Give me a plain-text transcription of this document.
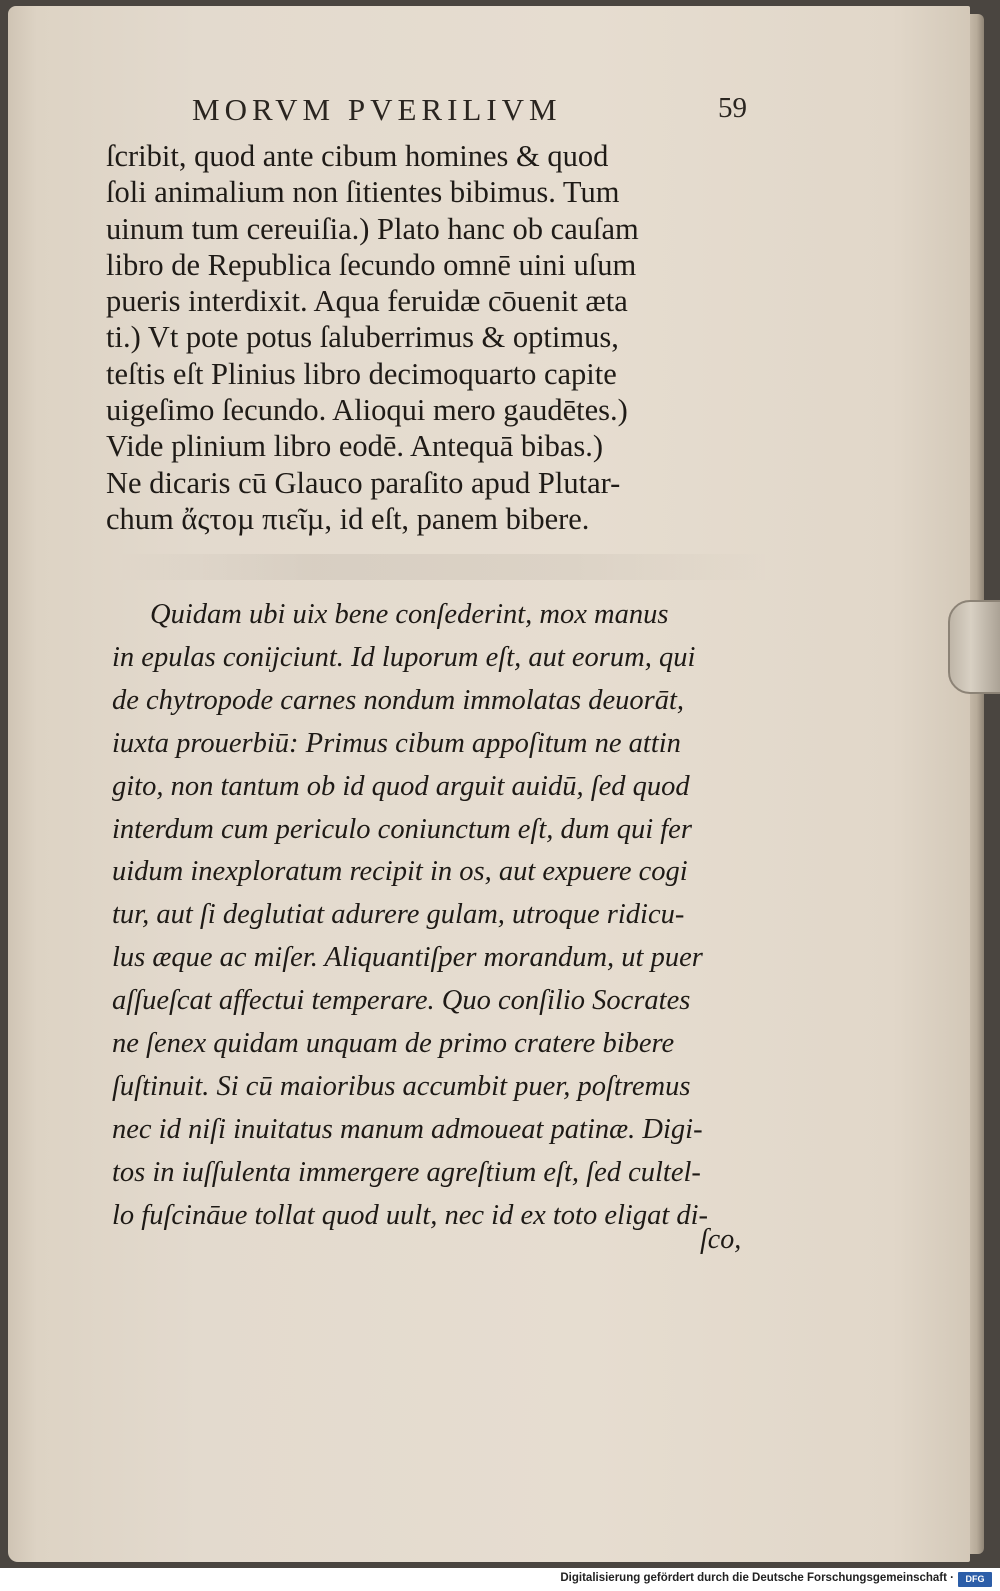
MORVM PVERILIVM	59
ſcribit, quod ante cibum homines & quod
ſoli animalium non ſitientes bibimus. Tum
uinum tum cereuiſia.) Plato hanc ob cauſam
libro de Republica ſecundo omnē uini uſum
pueris interdixit. Aqua feruidæ cōuenit æta
ti.) Vt pote potus ſaluberrimus & optimus,
teſtis eſt Plinius libro decimoquarto capite
uigeſimo ſecundo. Alioqui mero gaudētes.)
Vide plinium libro eodē. Antequā bibas.)
Ne dicaris cū Glauco paraſito apud Plutar-
chum ἄςτοµ πιεῖµ, id eſt, panem bibere.
Quidam ubi uix bene conſederint, mox manus
in epulas conijciunt. Id luporum eſt, aut eorum, qui
de chytropode carnes nondum immolatas deuorāt,
iuxta prouerbiū: Primus cibum appoſitum ne attin
gito, non tantum ob id quod arguit auidū, ſed quod
interdum cum periculo coniunctum eſt, dum qui fer
uidum inexploratum recipit in os, aut expuere cogi
tur, aut ſi deglutiat adurere gulam, utroque ridicu-
lus æque ac miſer. Aliquantiſper morandum, ut puer
aſſueſcat affectui temperare. Quo conſilio Socrates
ne ſenex quidam unquam de primo cratere bibere
ſuſtinuit. Si cū maioribus accumbit puer, poſtremus
nec id niſi inuitatus manum admoueat patinæ. Digi-
tos in iuſſulenta immergere agreſtium eſt, ſed cultel-
lo fuſcināue tollat quod uult, nec id ex toto eligat di-
ſco,
Digitalisierung gefördert durch die Deutsche Forschungsgemeinschaft ·	DFG
